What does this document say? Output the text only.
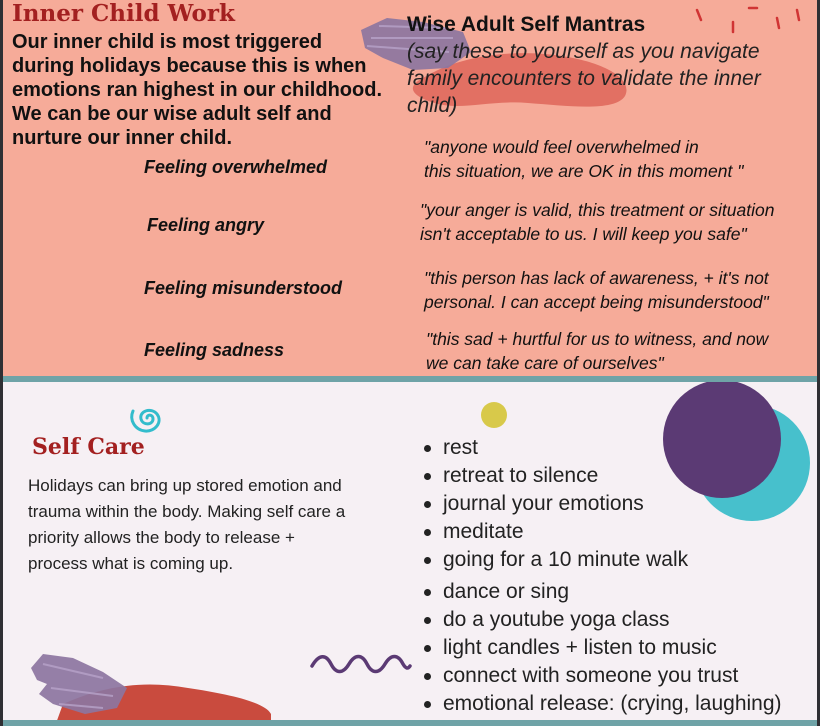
Inner Child Work

Our inner child is most triggered during holidays because this is when emotions ran highest in our childhood. We can be our wise adult self and nurture our inner child.

Wise Adult Self Mantras

(say these to yourself as you navigate family encounters to validate the inner child)

Feeling overwhelmed
Feeling angry
Feeling misunderstood
Feeling sadness
"anyone would feel overwhelmed in
this situation, we are OK in this moment "
"your anger is valid, this treatment or situation
isn't acceptable to us. I will keep you safe"
"this person has lack of awareness, + it's not
personal. I can accept being misunderstood"
"this sad + hurtful for us to witness, and now
we can take care of ourselves"
Self Care

Holidays can bring up stored emotion and trauma within the body. Making self care a priority allows the body to release + process what is coming up.

rest
retreat to silence
journal your emotions
meditate
going for a 10 minute walk
dance or sing
do a youtube yoga class
light candles + listen to music
connect with someone you trust
emotional release: (crying, laughing)
